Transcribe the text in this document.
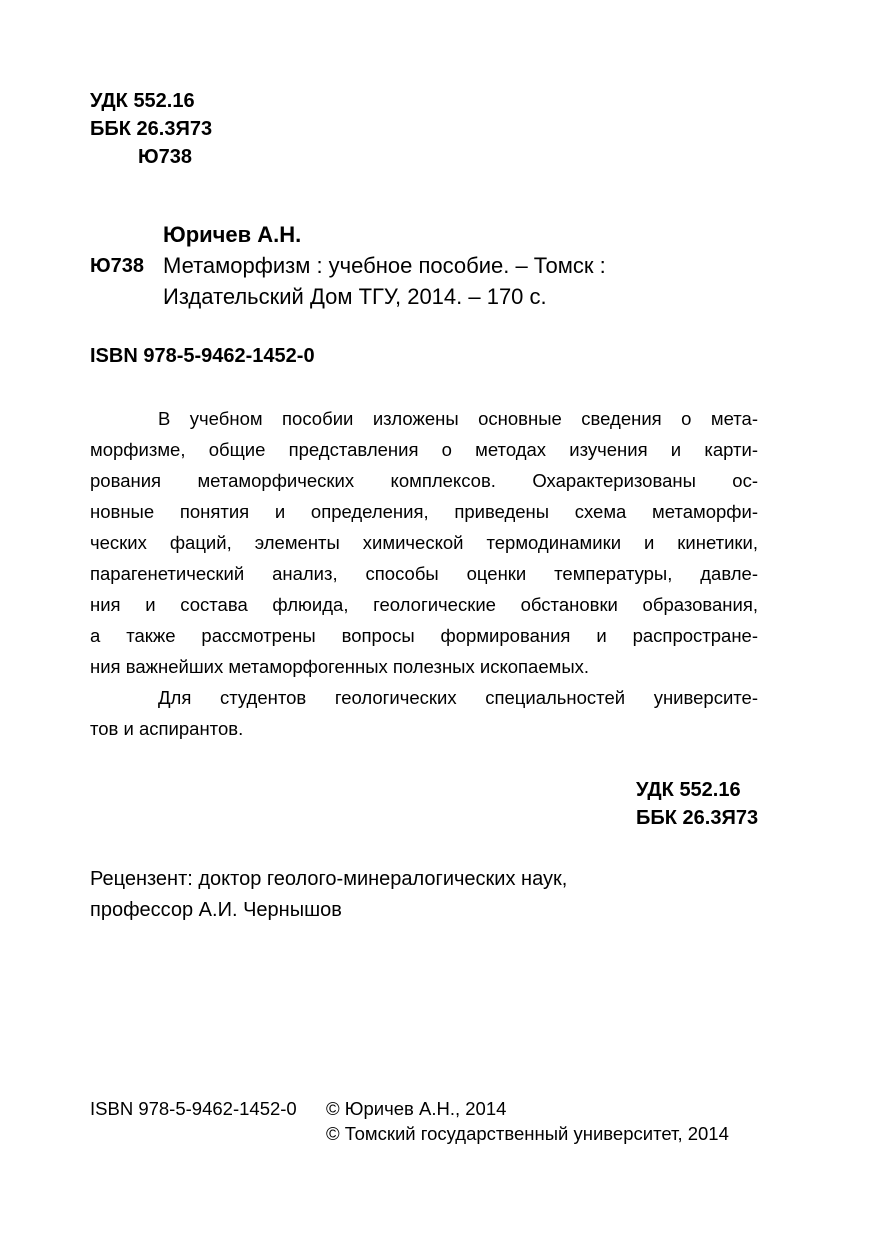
УДК 552.16
ББК 26.3Я73
Ю738
Юричев А.Н.
Ю738 Метаморфизм : учебное пособие. – Томск :
Издательский Дом ТГУ, 2014. – 170 с.
ISBN 978-5-9462-1452-0
В учебном пособии изложены основные сведения о мета-
морфизме, общие представления о методах изучения и карти-
рования метаморфических комплексов. Охарактеризованы ос-
новные понятия и определения, приведены схема метаморфи-
ческих фаций, элементы химической термодинамики и кинетики,
парагенетический анализ, способы оценки температуры, давле-
ния и состава флюида, геологические обстановки образования,
а также рассмотрены вопросы формирования и распростране-
ния важнейших метаморфогенных полезных ископаемых.
Для студентов геологических специальностей университе-
тов и аспирантов.
УДК 552.16
ББК 26.3Я73
Рецензент: доктор геолого-минералогических наук,
профессор А.И. Чернышов
ISBN 978-5-9462-1452-0 © Юричев А.Н., 2014
© Томский государственный университет, 2014
